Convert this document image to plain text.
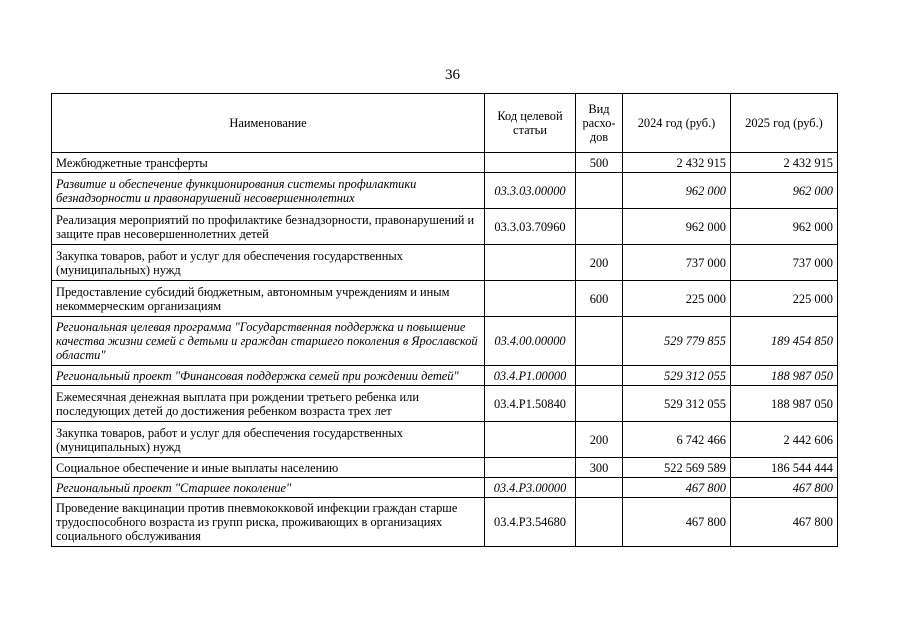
36
Наименование	Код целевой статьи	Вид расхо-дов	2024 год (руб.)	2025 год (руб.)
Межбюджетные трансферты		500	2 432 915	2 432 915
Развитие и обеспечение функционирования системы профилактики безнадзорности и правонарушений несовершеннолетних	03.3.03.00000		962 000	962 000
Реализация мероприятий по профилактике безнадзорности, правонарушений и защите прав несовершеннолетних детей	03.3.03.70960		962 000	962 000
Закупка товаров, работ и услуг для обеспечения государственных (муниципальных) нужд		200	737 000	737 000
Предоставление субсидий бюджетным, автономным учреждениям и иным некоммерческим организациям		600	225 000	225 000
Региональная целевая программа "Государственная поддержка и повышение качества жизни семей с детьми и граждан старшего поколения в Ярославской области"	03.4.00.00000		529 779 855	189 454 850
Региональный проект "Финансовая поддержка семей при рождении детей"	03.4.P1.00000		529 312 055	188 987 050
Ежемесячная денежная выплата при рождении третьего ребенка или последующих детей до достижения ребенком возраста трех лет	03.4.P1.50840		529 312 055	188 987 050
Закупка товаров, работ и услуг для обеспечения государственных (муниципальных) нужд		200	6 742 466	2 442 606
Социальное обеспечение и иные выплаты населению		300	522 569 589	186 544 444
Региональный проект "Старшее поколение"	03.4.P3.00000		467 800	467 800
Проведение вакцинации против пневмококковой инфекции граждан старше трудоспособного возраста из групп риска, проживающих в организациях социального обслуживания	03.4.P3.54680		467 800	467 800
